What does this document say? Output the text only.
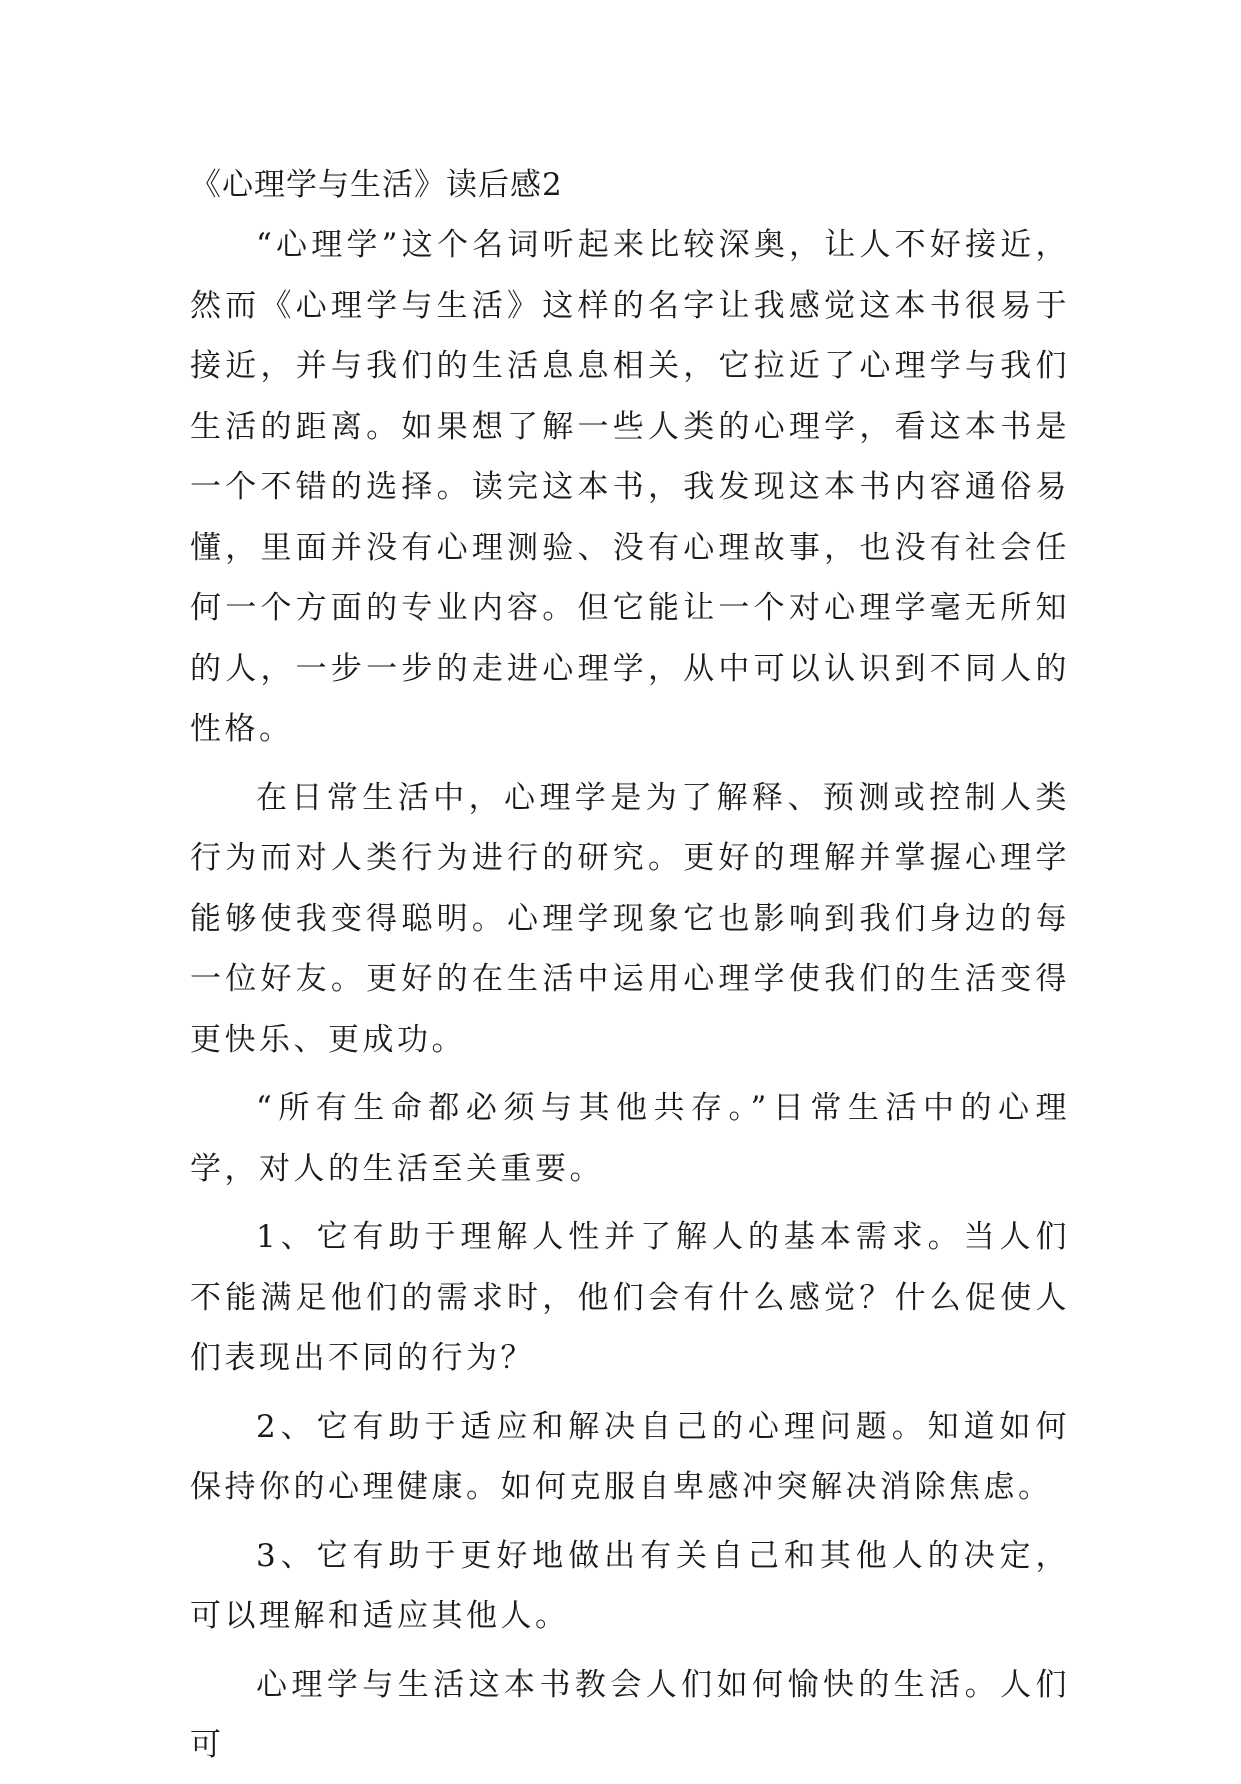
《心理学与生活》读后感2

“心理学”这个名词听起来比较深奥，让人不好接近，然而《心理学与生活》这样的名字让我感觉这本书很易于接近，并与我们的生活息息相关，它拉近了心理学与我们生活的距离。如果想了解一些人类的心理学，看这本书是一个不错的选择。读完这本书，我发现这本书内容通俗易懂，里面并没有心理测验、没有心理故事，也没有社会任何一个方面的专业内容。但它能让一个对心理学毫无所知的人，一步一步的走进心理学，从中可以认识到不同人的性格。

在日常生活中，心理学是为了解释、预测或控制人类行为而对人类行为进行的研究。更好的理解并掌握心理学能够使我变得聪明。心理学现象它也影响到我们身边的每一位好友。更好的在生活中运用心理学使我们的生活变得更快乐、更成功。

“所有生命都必须与其他共存。”日常生活中的心理学，对人的生活至关重要。

1、它有助于理解人性并了解人的基本需求。当人们不能满足他们的需求时，他们会有什么感觉？什么促使人们表现出不同的行为？

2、它有助于适应和解决自己的心理问题。知道如何保持你的心理健康。如何克服自卑感冲突解决消除焦虑。

3、它有助于更好地做出有关自己和其他人的决定，可以理解和适应其他人。

心理学与生活这本书教会人们如何愉快的生活。人们可
